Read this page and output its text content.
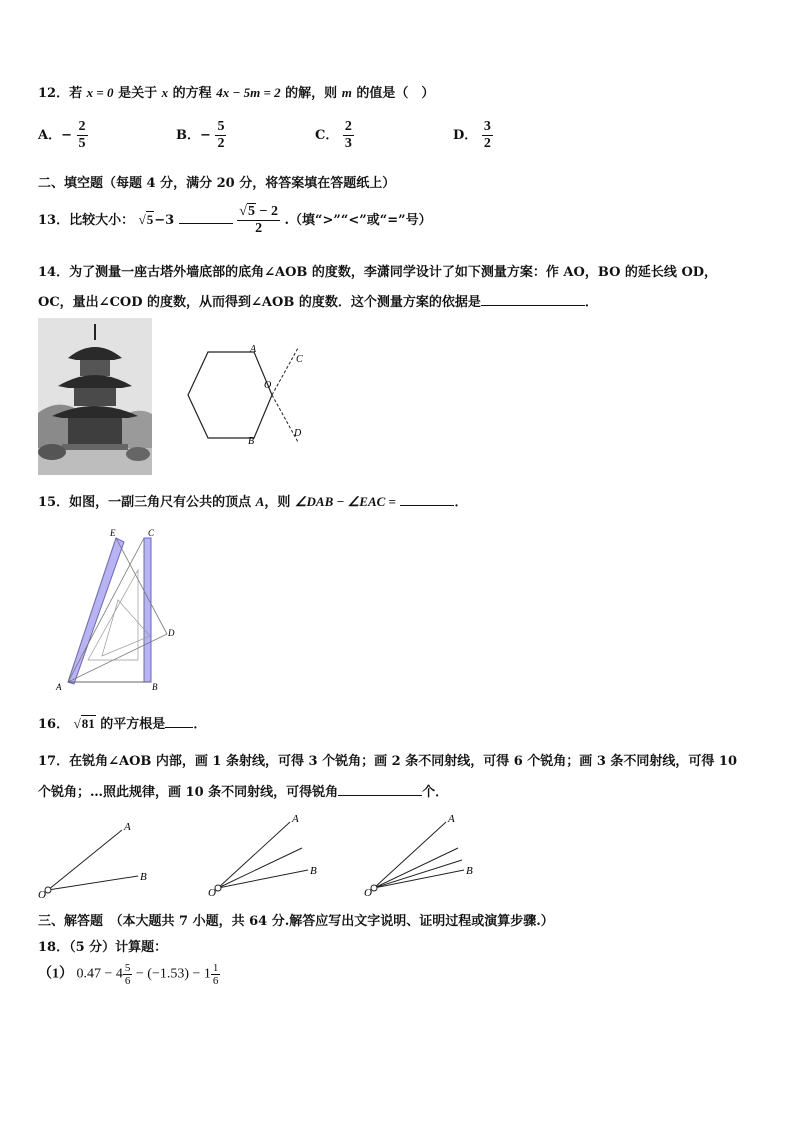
12．若 x = 0 是关于 x 的方程 4x − 5m = 2 的解，则 m 的值是（　）
A．− $\frac{2}{5}$	B．− $\frac{5}{2}$	C． $\frac{2}{3}$	D． $\frac{3}{2}$
二、填空题（每题 4 分，满分 20 分，将答案填在答题纸上）
13．比较大小： √5−3	$\frac{√5 - 2}{2}$ .（填“>”“<”或“=”号）
14．为了测量一座古塔外墙底部的底角∠AOB 的度数，李潇同学设计了如下测量方案：作 AO，BO 的延长线 OD，
OC，量出∠COD 的度数，从而得到∠AOB 的度数．这个测量方案的依据是	．
A
O
C
B
D
15．如图，一副三角尺有公共的顶点 A，则 ∠DAB − ∠EAC =	．
E	C
D
A	B
16． √81 的平方根是 ．
17．在锐角∠AOB 内部，画 1 条射线，可得 3 个锐角；画 2 条不同射线，可得 6 个锐角；画 3 条不同射线，可得 10
个锐角；…照此规律，画 10 条不同射线，可得锐角	个．
A
B
O
A
B
O
A
B
O
三、解答题　（本大题共 7 小题，共 64 分.解答应写出文字说明、证明过程或演算步骤.）
18．（5 分）计算题：
（1） $0.47 - 4 \frac{5}{6} - (-1.53) - 1 \frac{1}{6}$
